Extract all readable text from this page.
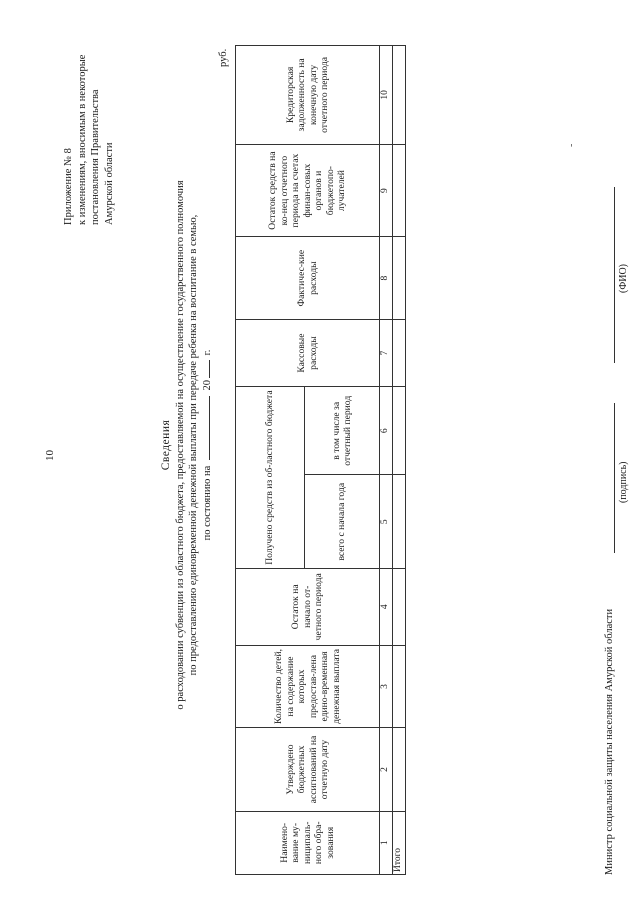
10
Приложение № 8 к изменениям, вносимым в некоторые постановления Правительства Амурской области
Сведения о расходовании субвенции из областного бюджета, предоставляемой на осуществление государственного полномочия по предоставлению единовременной денежной выплаты при передаче ребенка на воспитание в семью, по состоянию на  20 г.
руб.
Наимено-вание му-ниципаль-ного обра-зования	Утверждено бюджетных ассигнований на отчетную дату	Количество детей, на содержание которых предостав-лена едино-временная денежная выплата	Остаток на начало от-четного периода	Получено средств из об-ластного бюджета		Кассовые расходы	Фактичес-кие расходы	Остаток средств на ко-нец отчетного периода на счетах финан-совых органов и бюджетопо-лучателей	Кредиторская задолженность на конечную дату отчетного периода
				всего с начала года	в том числе за отчетный период				
1	2	3	4	5	6	7	8	9	10
Итого										Министр социальной защиты населения Амурской области
(подпись)
(ФИО)
-
